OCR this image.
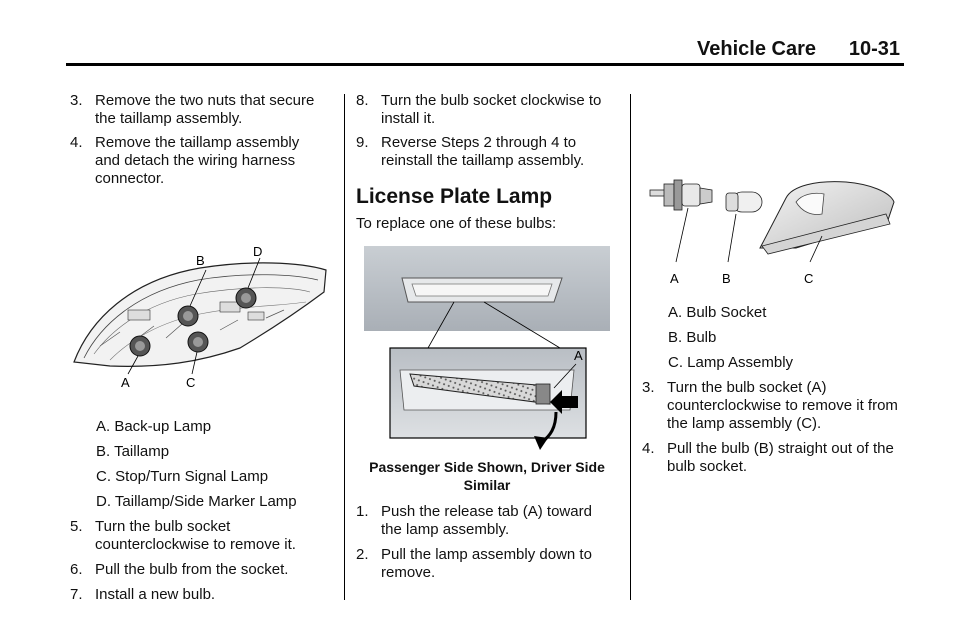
Vehicle Care 10-31
3. Remove the two nuts that secure the taillamp assembly.
4. Remove the taillamp assembly and detach the wiring harness connector.
B
D
A	C
A. Back-up Lamp
B. Taillamp
C. Stop/Turn Signal Lamp
D. Taillamp/Side Marker Lamp
5. Turn the bulb socket counterclockwise to remove it.
6. Pull the bulb from the socket.
7. Install a new bulb.
8. Turn the bulb socket clockwise to install it.
9. Reverse Steps 2 through 4 to reinstall the taillamp assembly.
License Plate Lamp
To replace one of these bulbs:
A
Passenger Side Shown, Driver Side Similar
1. Push the release tab (A) toward the lamp assembly.
2. Pull the lamp assembly down to remove.
A	B	C
A. Bulb Socket
B. Bulb
C. Lamp Assembly
3. Turn the bulb socket (A) counterclockwise to remove it from the lamp assembly (C).
4. Pull the bulb (B) straight out of the bulb socket.
